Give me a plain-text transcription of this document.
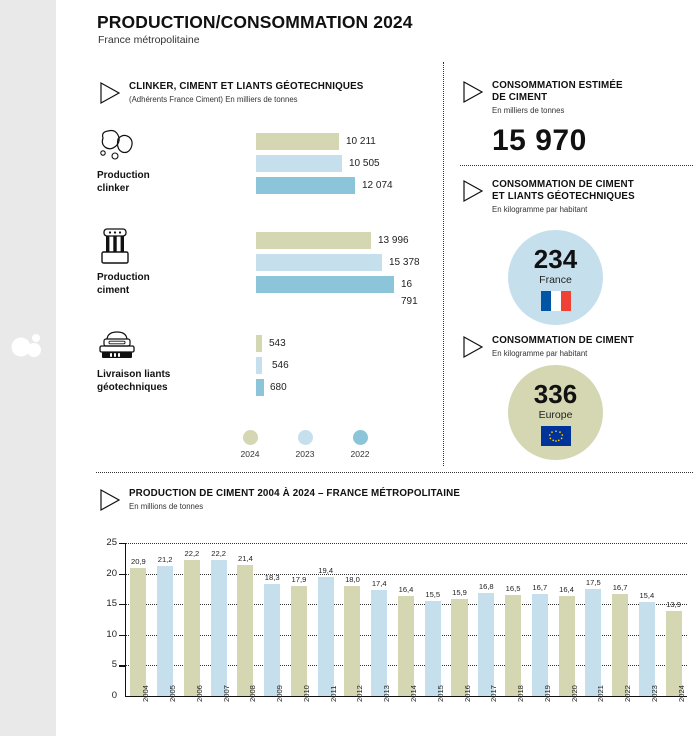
PRODUCTION/CONSOMMATION 2024
France métropolitaine
CLINKER, CIMENT ET LIANTS GÉOTECHNIQUES
(Adhérents France Ciment) En milliers de tonnes
Production
clinker
10 211
10 505
12 074
Production
ciment
13 996
15 378
16 791
Livraison liants
géotechniques
543
546
680
2024	2023	2022
CONSOMMATION ESTIMÉE
DE CIMENT
En milliers de tonnes
15 970
CONSOMMATION DE CIMENT
ET LIANTS GÉOTECHNIQUES
En kilogramme par habitant
234
France
CONSOMMATION DE CIMENT
En kilogramme par habitant
336
Europe
PRODUCTION DE CIMENT 2004 À 2024 – FRANCE MÉTROPOLITAINE
En millions de tonnes
0
5
10
15
20
25
20,9	21,2
22,2	22,2
21,4
18,3	17,9
19,4
18,0	17,4
16,4
15,5	15,9
16,8	16,5	16,7	16,4
17,5
16,7
15,4
13,9
2004 2005 2006 2007 2008 2009 2010 2011 2012 2013 2014 2015 2016 2017 2018 2019 2020 2021 2022 2023 2024
